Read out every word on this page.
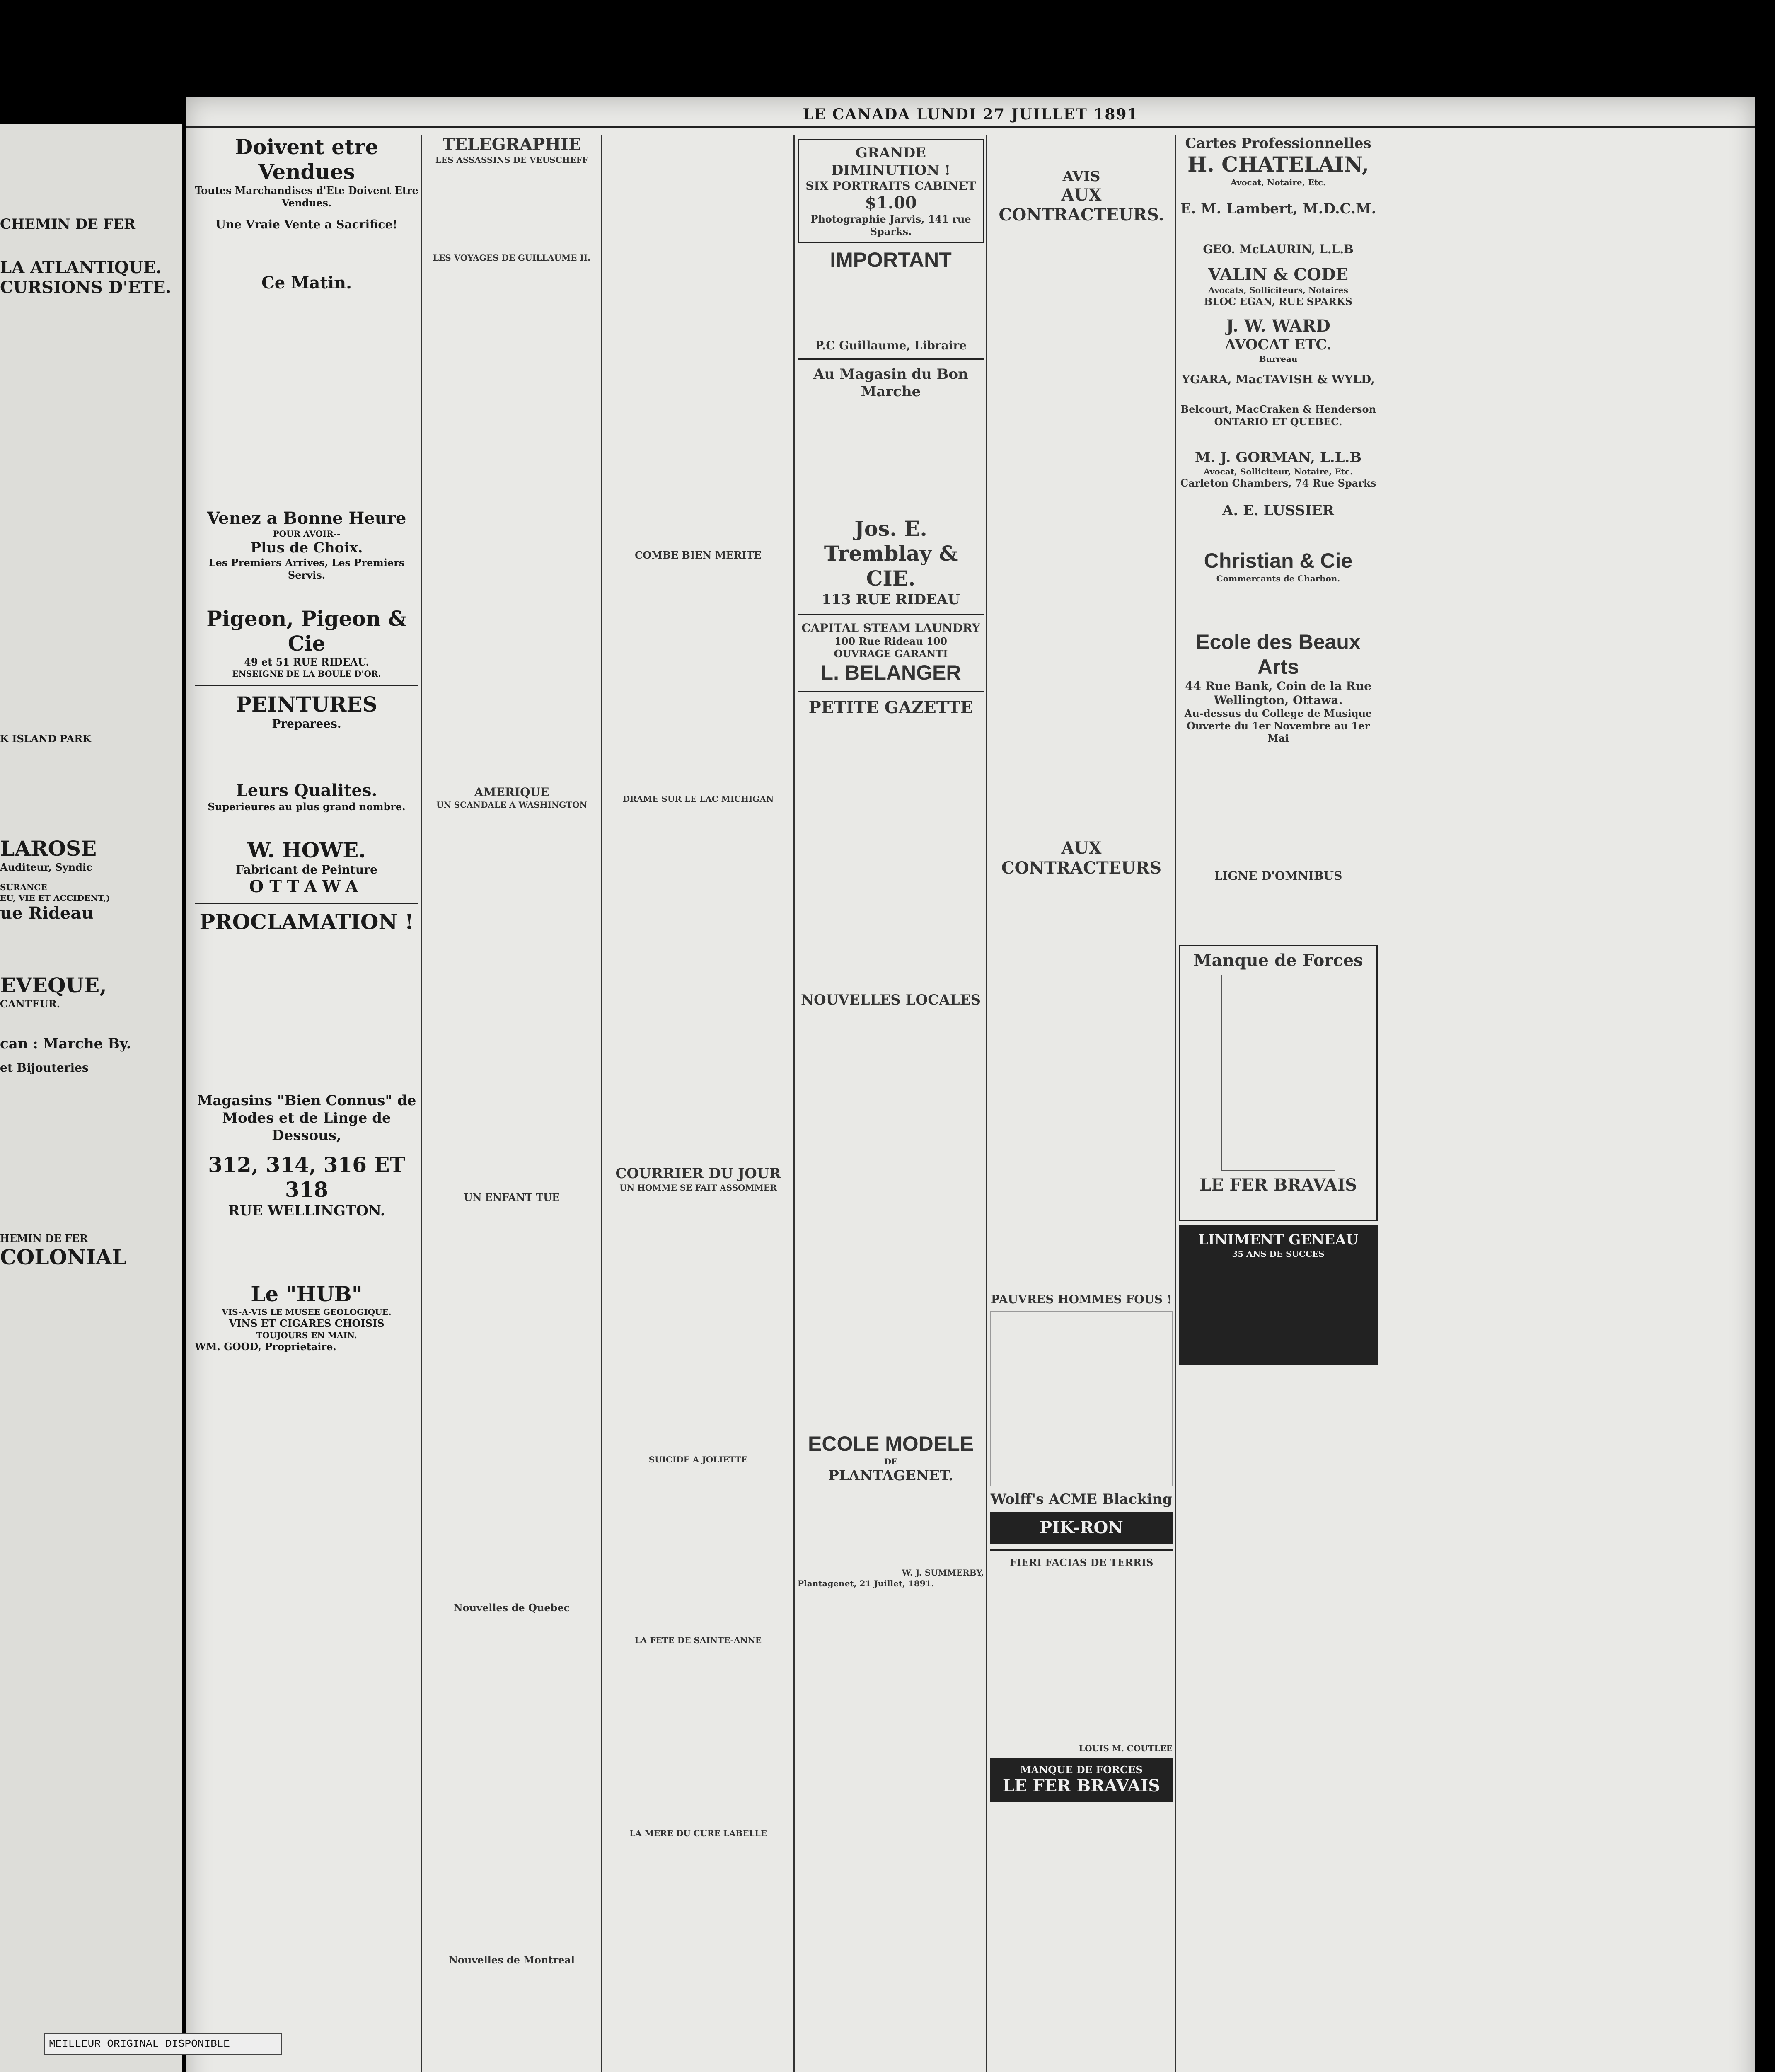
LE CANADA LUNDI 27 JUILLET 1891
Doivent etre Vendues
Toutes Marchandises d'Ete Doivent Etre Vendues.
Une Vraie Vente a Sacrifice!
Ce Matin.
Venez a Bonne Heure
POUR AVOIR--
Plus de Choix.
Les Premiers Arrives, Les Premiers Servis.
Pigeon, Pigeon & Cie
49 et 51 RUE RIDEAU.
ENSEIGNE DE LA BOULE D'OR.
PEINTURES
Preparees.
Leurs Qualites.
Superieures au plus grand nombre.
W. HOWE.
Fabricant de Peinture
OTTAWA
PROCLAMATION !
Magasins "Bien Connus" de Modes et de Linge de Dessous,
312, 314, 316 ET 318
RUE WELLINGTON.
Le "HUB"
VIS-A-VIS LE MUSEE GEOLOGIQUE.
VINS ET CIGARES CHOISIS
TOUJOURS EN MAIN.
WM. GOOD, Proprietaire.
TELEGRAPHIE
LES ASSASSINS DE VEUSCHEFF
LES VOYAGES DE GUILLAUME II.
AMERIQUE
UN SCANDALE A WASHINGTON
UN ENFANT TUE
Nouvelles de Quebec
Nouvelles de Montreal
COMBE BIEN MERITE
DRAME SUR LE LAC MICHIGAN
COURRIER DU JOUR
UN HOMME SE FAIT ASSOMMER
SUICIDE A JOLIETTE
LA FETE DE SAINTE-ANNE
LA MERE DU CURE LABELLE
GRANDE DIMINUTION !
SIX PORTRAITS CABINET
$1.00
Photographie Jarvis, 141 rue Sparks.
IMPORTANT
P.C Guillaume, Libraire
Au Magasin du Bon Marche
Jos. E. Tremblay & CIE.
113 RUE RIDEAU
CAPITAL STEAM LAUNDRY
100 Rue Rideau 100
OUVRAGE GARANTI
L. BELANGER
PETITE GAZETTE
NOUVELLES LOCALES
ECOLE MODELE
DE
PLANTAGENET.
W. J. SUMMERBY,
Plantagenet, 21 Juillet, 1891.
AVIS
AUX CONTRACTEURS.
AUX CONTRACTEURS
PAUVRES HOMMES FOUS !
Wolff's ACME Blacking
PIK-RON
FIERI FACIAS DE TERRIS
LOUIS M. COUTLEE
MANQUE DE FORCES
LE FER BRAVAIS
Cartes Professionnelles
H. CHATELAIN,
Avocat, Notaire, Etc.
E. M. Lambert, M.D.C.M.
GEO. McLAURIN, L.L.B
VALIN & CODE
Avocats, Solliciteurs, Notaires
BLOC EGAN, RUE SPARKS
J. W. WARD
AVOCAT ETC.
Burreau
YGARA, MacTAVISH & WYLD,
Belcourt, MacCraken & Henderson
ONTARIO ET QUEBEC.
M. J. GORMAN, L.L.B
Avocat, Solliciteur, Notaire, Etc.
Carleton Chambers, 74 Rue Sparks
A. E. LUSSIER
Christian & Cie
Commercants de Charbon.
Ecole des Beaux Arts
44 Rue Bank, Coin de la Rue Wellington, Ottawa.
Au-dessus du College de Musique
Ouverte du 1er Novembre au 1er Mai
LIGNE D'OMNIBUS
Manque de Forces
LE FER BRAVAIS
LINIMENT GENEAU
35 ANS DE SUCCES
CHEMIN DE FER
LA ATLANTIQUE.
CURSIONS D'ETE.
K ISLAND PARK
LAROSE
Auditeur, Syndic
SURANCE
EU, VIE ET ACCIDENT,)
ue Rideau
EVEQUE,
CANTEUR.
can : Marche By.
et Bijouteries
HEMIN DE FER
COLONIAL
MEILLEUR ORIGINAL DISPONIBLE
